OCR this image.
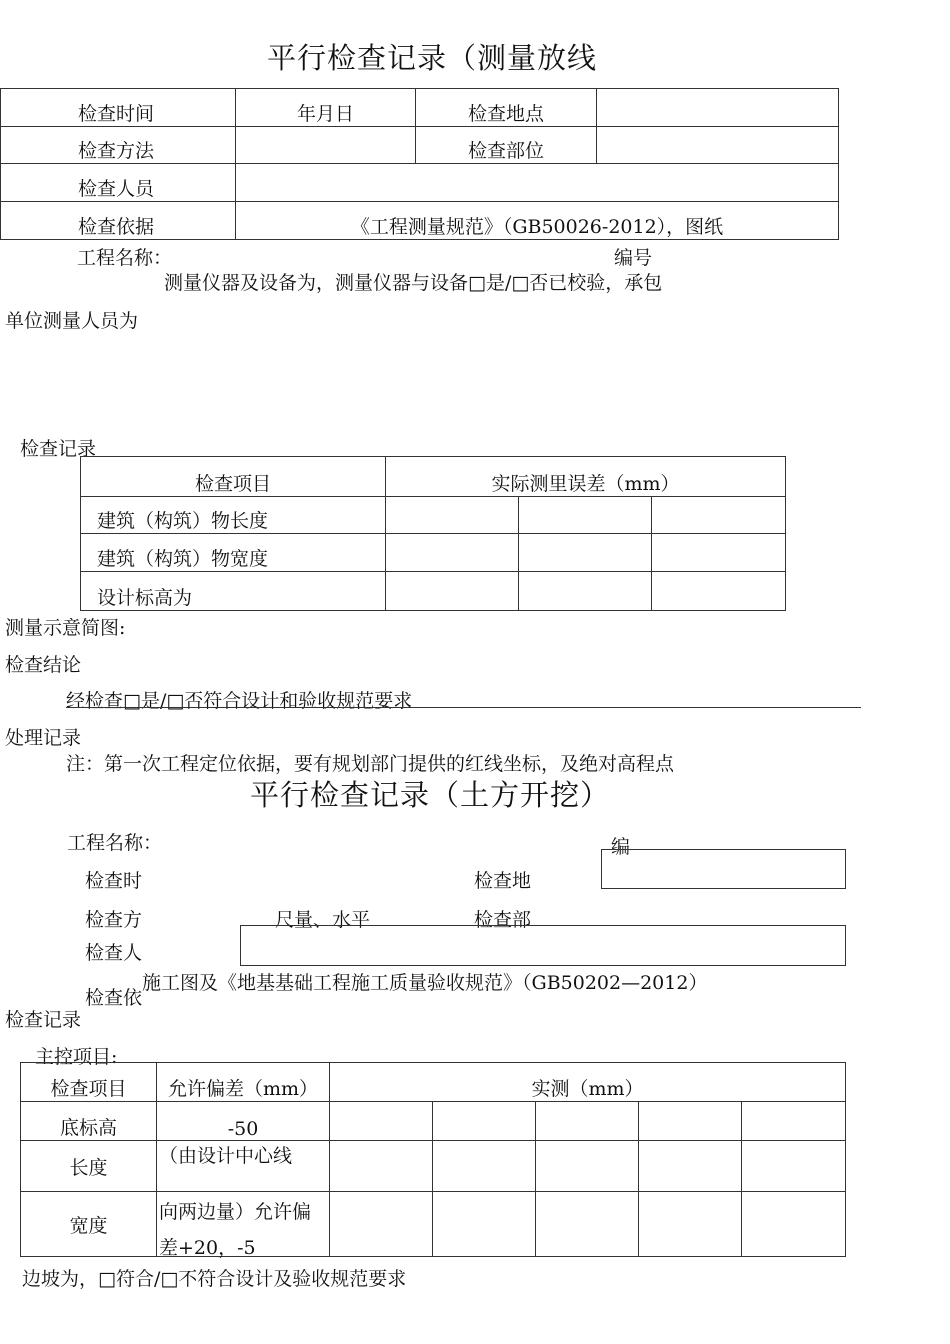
平行检查记录（测量放线
检查时间	年月日	检查地点	
检查方法		检查部位	
检查人员			
检查依据	《工程测量规范》（GB50026-2012），图纸		
工程名称：	编号
测量仪器及设备为，测量仪器与设备□是/□否已校验，承包
单位测量人员为
检查记录
检查项目	实际测里误差（mm）		
建筑（构筑）物长度			
建筑（构筑）物宽度			
设计标高为			
测量示意简图:
检查结论
经检查□是/□否符合设计和验收规范要求
处理记录
注：第一次工程定位依据，要有规划部门提供的红线坐标，及绝对高程点
平行检查记录（土方开挖）
工程名称：	编
检查时	检查地
检查方	尺量、水平	检查部
检查人
检查依施工图及《地基基础工程施工质量验收规范》（GB50202—2012）
检查记录
主控项目:
检查项目	允许偏差（mm）	实测（mm）				
底标高	-50					
长度	（由设计中心线					
宽度	向两边量）允许偏差+20，-5					

边坡为，□符合/□不符合设计及验收规范要求
